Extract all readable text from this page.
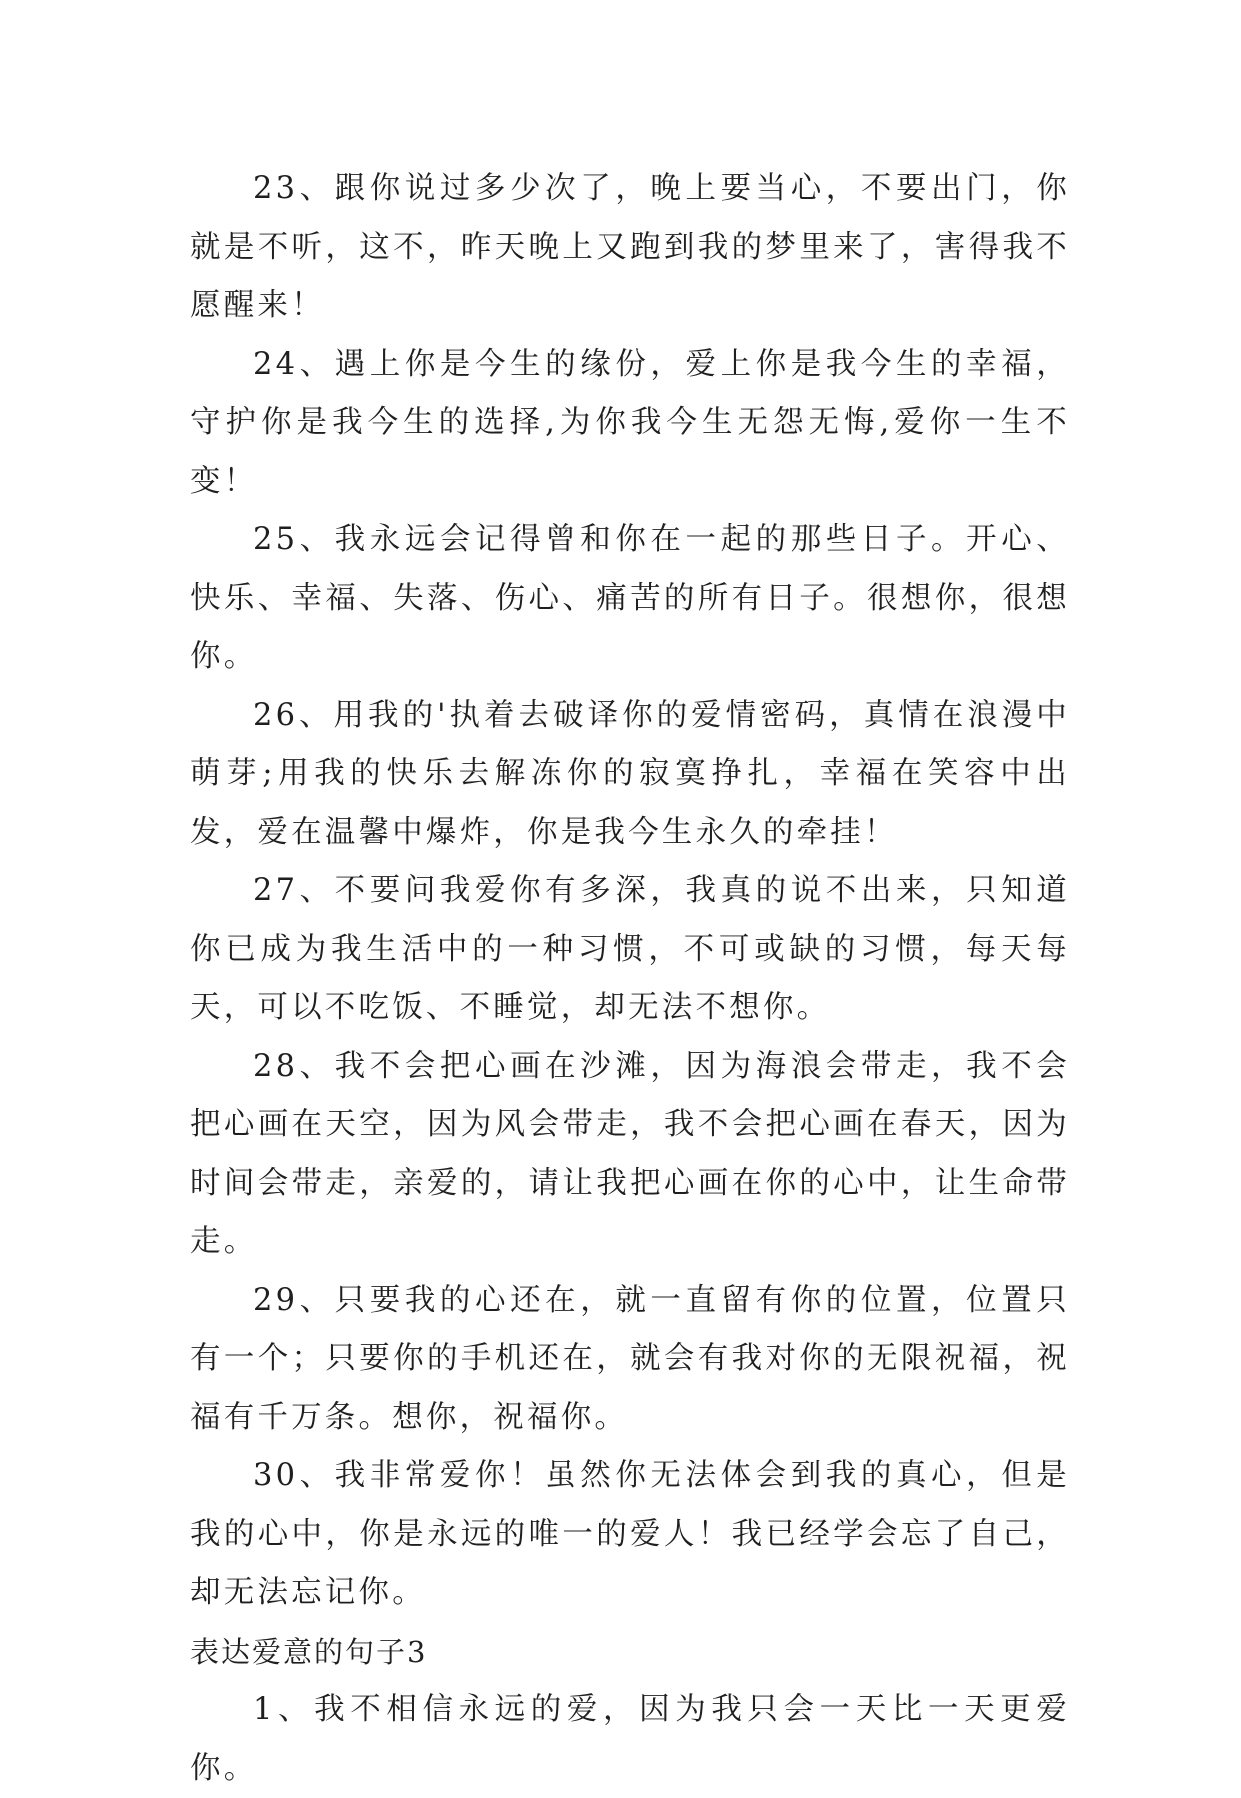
23、跟你说过多少次了，晚上要当心，不要出门，你就是不听，这不，昨天晚上又跑到我的梦里来了，害得我不愿醒来！

24、遇上你是今生的缘份，爱上你是我今生的幸福，守护你是我今生的选择,为你我今生无怨无悔,爱你一生不变！

25、我永远会记得曾和你在一起的那些日子。开心、快乐、幸福、失落、伤心、痛苦的所有日子。很想你，很想你。

26、用我的'执着去破译你的爱情密码，真情在浪漫中萌芽;用我的快乐去解冻你的寂寞挣扎，幸福在笑容中出发，爱在温馨中爆炸，你是我今生永久的牵挂！

27、不要问我爱你有多深，我真的说不出来，只知道你已成为我生活中的一种习惯，不可或缺的习惯，每天每天，可以不吃饭、不睡觉，却无法不想你。

28、我不会把心画在沙滩，因为海浪会带走，我不会把心画在天空，因为风会带走，我不会把心画在春天，因为时间会带走，亲爱的，请让我把心画在你的心中，让生命带走。

29、只要我的心还在，就一直留有你的位置，位置只有一个；只要你的手机还在，就会有我对你的无限祝福，祝福有千万条。想你，祝福你。

30、我非常爱你！虽然你无法体会到我的真心，但是我的心中，你是永远的唯一的爱人！我已经学会忘了自己，却无法忘记你。

表达爱意的句子3

1、我不相信永远的爱，因为我只会一天比一天更爱你。
